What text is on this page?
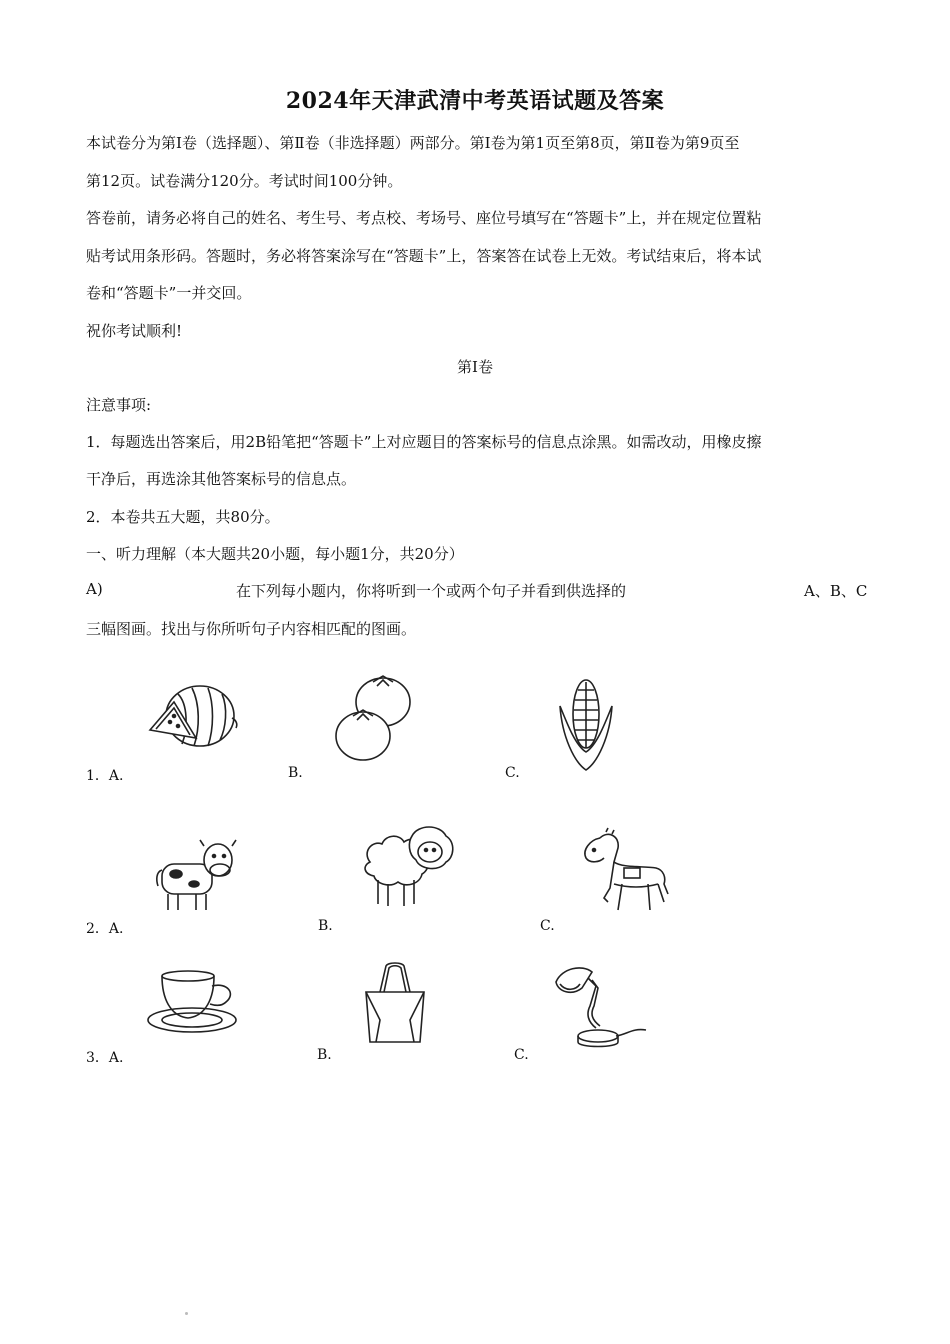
2024年天津武清中考英语试题及答案
本试卷分为第Ⅰ卷（选择题）、第Ⅱ卷（非选择题）两部分。第Ⅰ卷为第1页至第8页，第Ⅱ卷为第9页至
第12页。试卷满分120分。考试时间100分钟。
答卷前，请务必将自己的姓名、考生号、考点校、考场号、座位号填写在“答题卡”上，并在规定位置粘
贴考试用条形码。答题时，务必将答案涂写在“答题卡”上，答案答在试卷上无效。考试结束后，将本试
卷和“答题卡”一并交回。
祝你考试顺利!
第Ⅰ卷
注意事项:
1．每题选出答案后，用2B铅笔把“答题卡”上对应题目的答案标号的信息点涂黑。如需改动，用橡皮擦
干净后，再选涂其他答案标号的信息点。
2．本卷共五大题，共80分。
一、听力理解（本大题共20小题，每小题1分，共20分）
A)	在下列每小题内，你将听到一个或两个句子并看到供选择的	A、B、C
三幅图画。找出与你所听句子内容相匹配的图画。
1．A.	B.	C.
2．A.	B.	C.
3．A.	B.	C.
